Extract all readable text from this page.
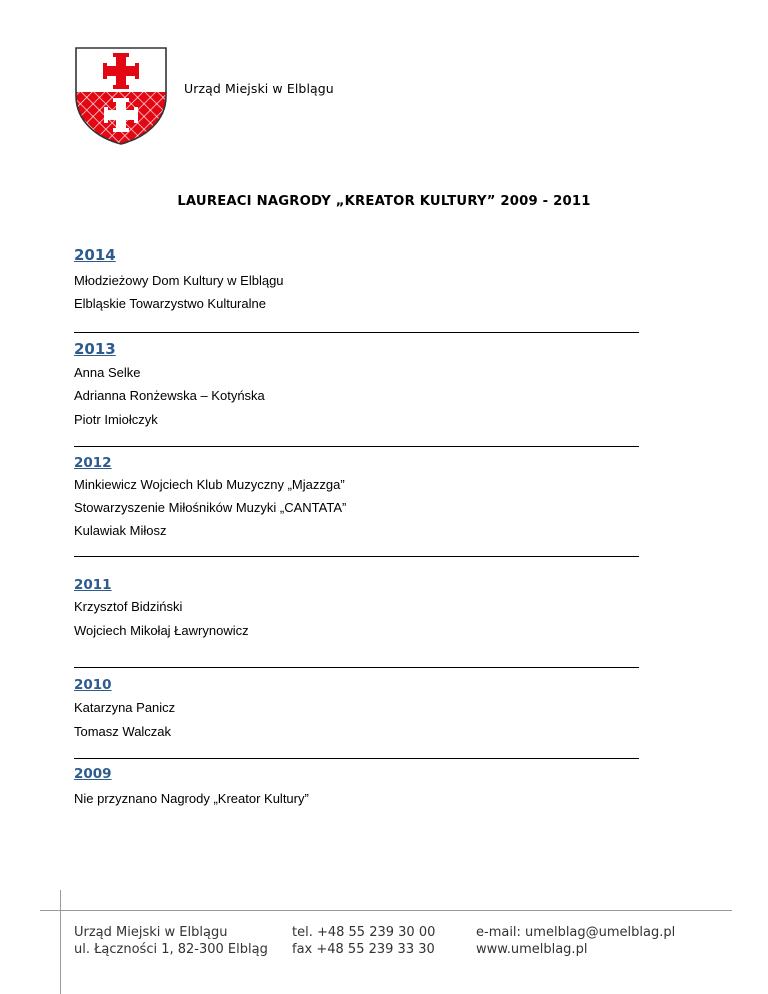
Urząd Miejski w Elblągu
LAUREACI NAGRODY „KREATOR KULTURY” 2009 - 2011
2014

Młodzieżowy Dom Kultury w Elblągu

Elbląskie Towarzystwo Kulturalne

2013

Anna Selke

Adrianna Ronżewska – Kotyńska

Piotr Imiołczyk

2012

Minkiewicz Wojciech Klub Muzyczny „Mjazzga”

Stowarzyszenie Miłośników Muzyki „CANTATA”

Kulawiak Miłosz

2011

Krzysztof Bidziński

Wojciech Mikołaj Ławrynowicz

2010

Katarzyna Panicz

Tomasz Walczak

2009

Nie przyznano Nagrody „Kreator Kultury”

Urząd Miejski w Elblągu
ul. Łączności 1, 82-300 Elbląg
tel. +48 55 239 30 00
fax +48 55 239 33 30
e-mail: umelblag@umelblag.pl
www.umelblag.pl
